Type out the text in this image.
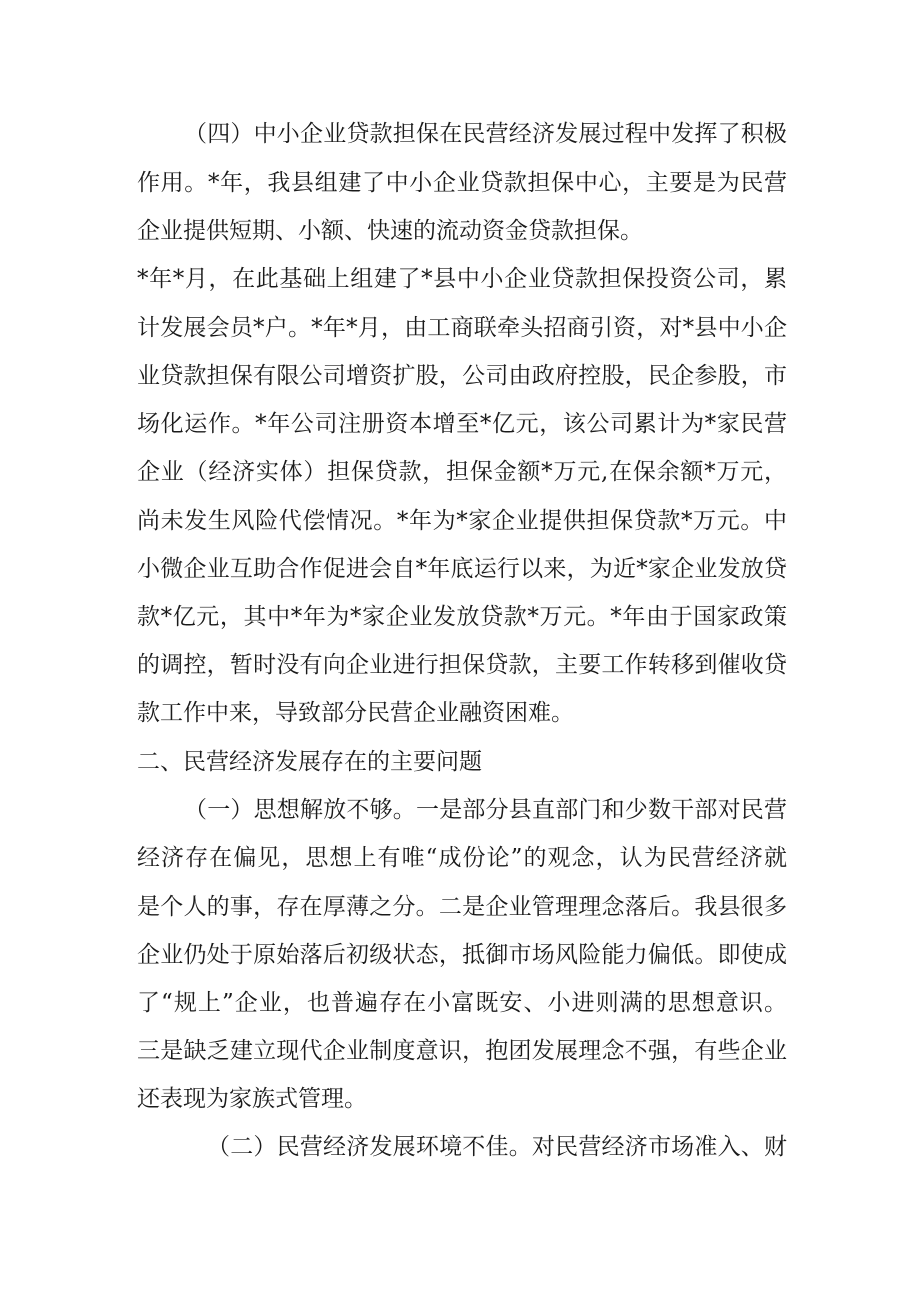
（四）中小企业贷款担保在民营经济发展过程中发挥了积极
作用。*年，我县组建了中小企业贷款担保中心，主要是为民营
企业提供短期、小额、快速的流动资金贷款担保。
*年*月，在此基础上组建了*县中小企业贷款担保投资公司，累
计发展会员*户。*年*月，由工商联牵头招商引资，对*县中小企
业贷款担保有限公司增资扩股，公司由政府控股，民企参股，市
场化运作。*年公司注册资本增至*亿元，该公司累计为*家民营
企业（经济实体）担保贷款，担保金额*万元,在保余额*万元，
尚未发生风险代偿情况。*年为*家企业提供担保贷款*万元。中
小微企业互助合作促进会自*年底运行以来，为近*家企业发放贷
款*亿元，其中*年为*家企业发放贷款*万元。*年由于国家政策
的调控，暂时没有向企业进行担保贷款，主要工作转移到催收贷
款工作中来，导致部分民营企业融资困难。
二、民营经济发展存在的主要问题
（一）思想解放不够。一是部分县直部门和少数干部对民营
经济存在偏见，思想上有唯“成份论”的观念，认为民营经济就
是个人的事，存在厚薄之分。二是企业管理理念落后。我县很多
企业仍处于原始落后初级状态，抵御市场风险能力偏低。即使成
了“规上”企业，也普遍存在小富既安、小进则满的思想意识。
三是缺乏建立现代企业制度意识，抱团发展理念不强，有些企业
还表现为家族式管理。
（二）民营经济发展环境不佳。对民营经济市场准入、财
